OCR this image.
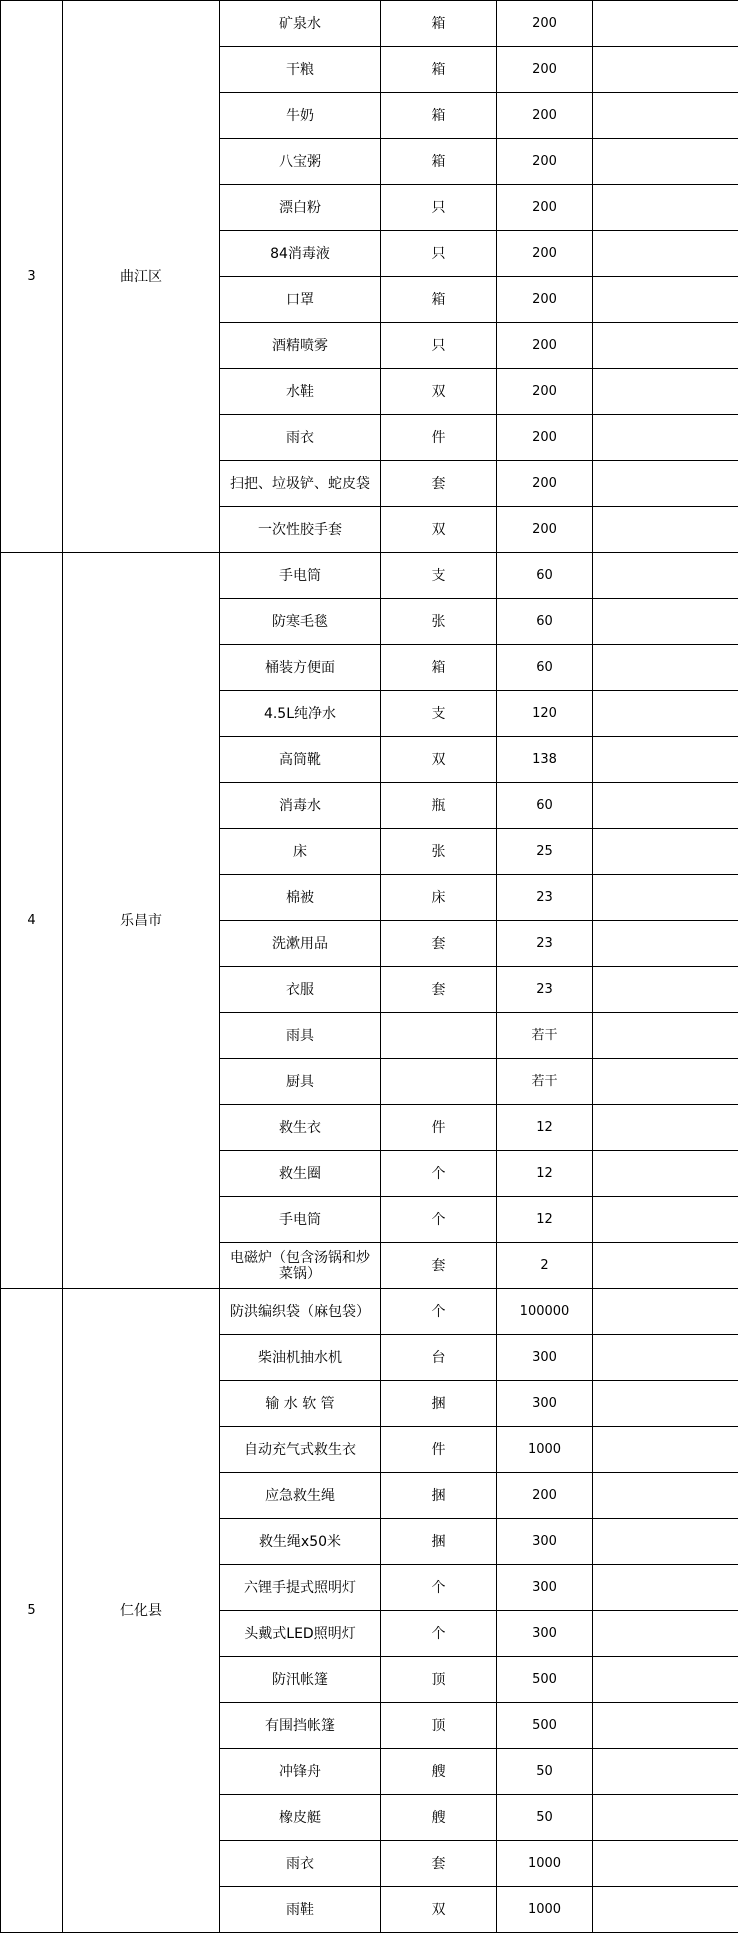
3	曲江区	矿泉水	箱	200	
		干粮	箱	200	
		牛奶	箱	200	
		八宝粥	箱	200	
		漂白粉	只	200	
		84消毒液	只	200	
		口罩	箱	200	
		酒精喷雾	只	200	
		水鞋	双	200	
		雨衣	件	200	
		扫把、垃圾铲、蛇皮袋	套	200	
		一次性胶手套	双	200	
4	乐昌市	手电筒	支	60	
		防寒毛毯	张	60	
		桶装方便面	箱	60	
		4.5L纯净水	支	120	
		高筒靴	双	138	
		消毒水	瓶	60	
		床	张	25	
		棉被	床	23	
		洗漱用品	套	23	
		衣服	套	23	
		雨具		若干	
		厨具		若干	
		救生衣	件	12	
		救生圈	个	12	
		手电筒	个	12	
		电磁炉（包含汤锅和炒菜锅）	套	2	
5	仁化县	防洪编织袋（麻包袋）	个	100000	
		柴油机抽水机	台	300	
		输 水 软 管	捆	300	
		自动充气式救生衣	件	1000	
		应急救生绳	捆	200	
		救生绳x50米	捆	300	
		六锂手提式照明灯	个	300	
		头戴式LED照明灯	个	300	
		防汛帐篷	顶	500	
		有围挡帐篷	顶	500	
		冲锋舟	艘	50	
		橡皮艇	艘	50	
		雨衣	套	1000	
		雨鞋	双	1000	
